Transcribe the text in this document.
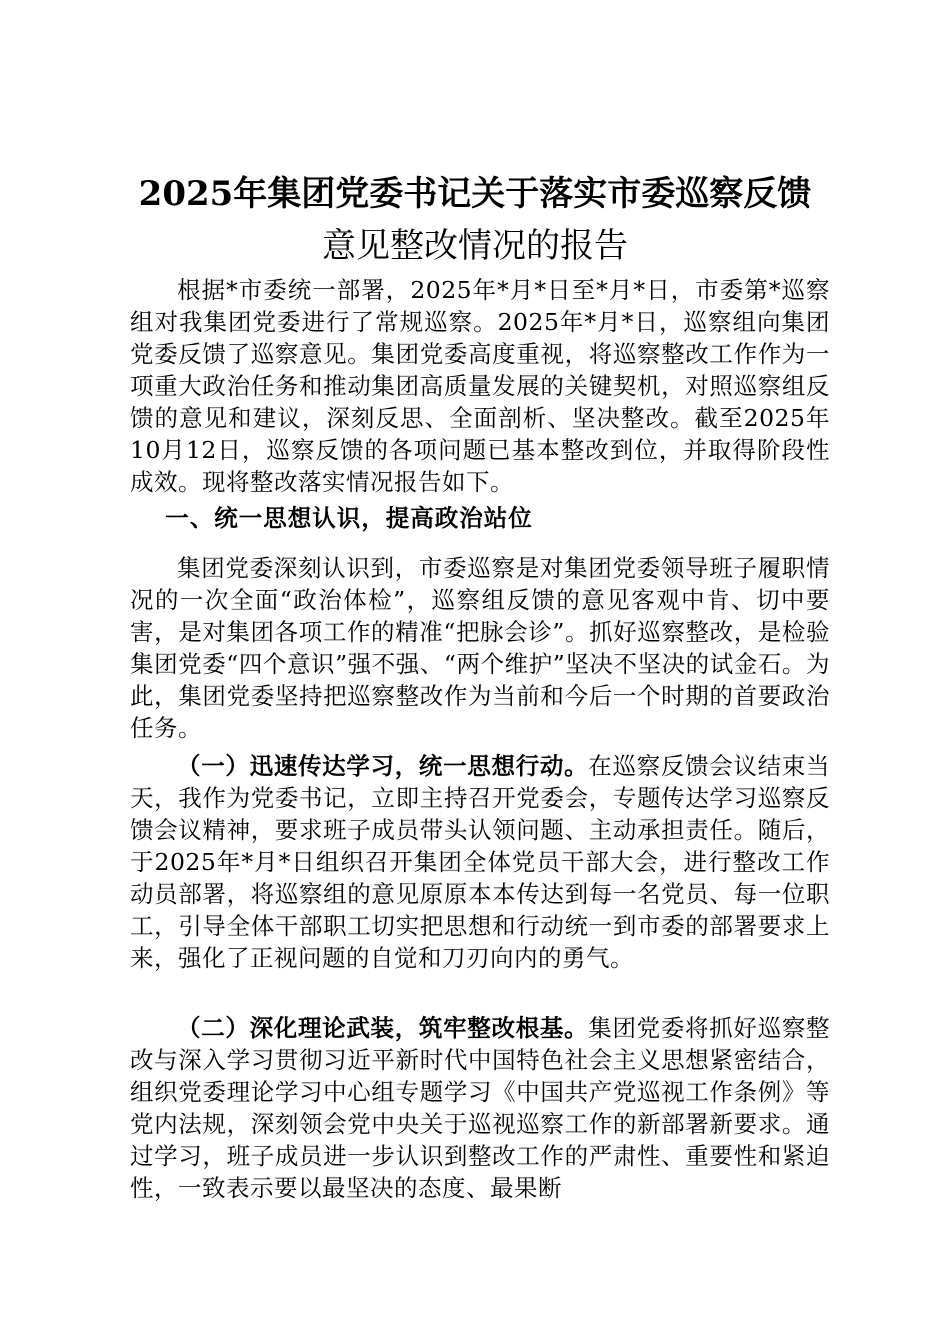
2025年集团党委书记关于落实市委巡察反馈
意见整改情况的报告

根据*市委统一部署，2025年*月*日至*月*日，市委第*巡察组对我集团党委进行了常规巡察。2025年*月*日，巡察组向集团党委反馈了巡察意见。集团党委高度重视，将巡察整改工作作为一项重大政治任务和推动集团高质量发展的关键契机，对照巡察组反馈的意见和建议，深刻反思、全面剖析、坚决整改。截至2025年10月12日，巡察反馈的各项问题已基本整改到位，并取得阶段性成效。现将整改落实情况报告如下。

一、统一思想认识，提高政治站位

集团党委深刻认识到，市委巡察是对集团党委领导班子履职情况的一次全面“政治体检”，巡察组反馈的意见客观中肯、切中要害，是对集团各项工作的精准“把脉会诊”。抓好巡察整改，是检验集团党委“四个意识”强不强、“两个维护”坚决不坚决的试金石。为此，集团党委坚持把巡察整改作为当前和今后一个时期的首要政治任务。

（一）迅速传达学习，统一思想行动。在巡察反馈会议结束当天，我作为党委书记，立即主持召开党委会，专题传达学习巡察反馈会议精神，要求班子成员带头认领问题、主动承担责任。随后，于2025年*月*日组织召开集团全体党员干部大会，进行整改工作动员部署，将巡察组的意见原原本本传达到每一名党员、每一位职工，引导全体干部职工切实把思想和行动统一到市委的部署要求上来，强化了正视问题的自觉和刀刃向内的勇气。

（二）深化理论武装，筑牢整改根基。集团党委将抓好巡察整改与深入学习贯彻习近平新时代中国特色社会主义思想紧密结合，组织党委理论学习中心组专题学习《中国共产党巡视工作条例》等党内法规，深刻领会党中央关于巡视巡察工作的新部署新要求。通过学习，班子成员进一步认识到整改工作的严肃性、重要性和紧迫性，一致表示要以最坚决的态度、最果断
